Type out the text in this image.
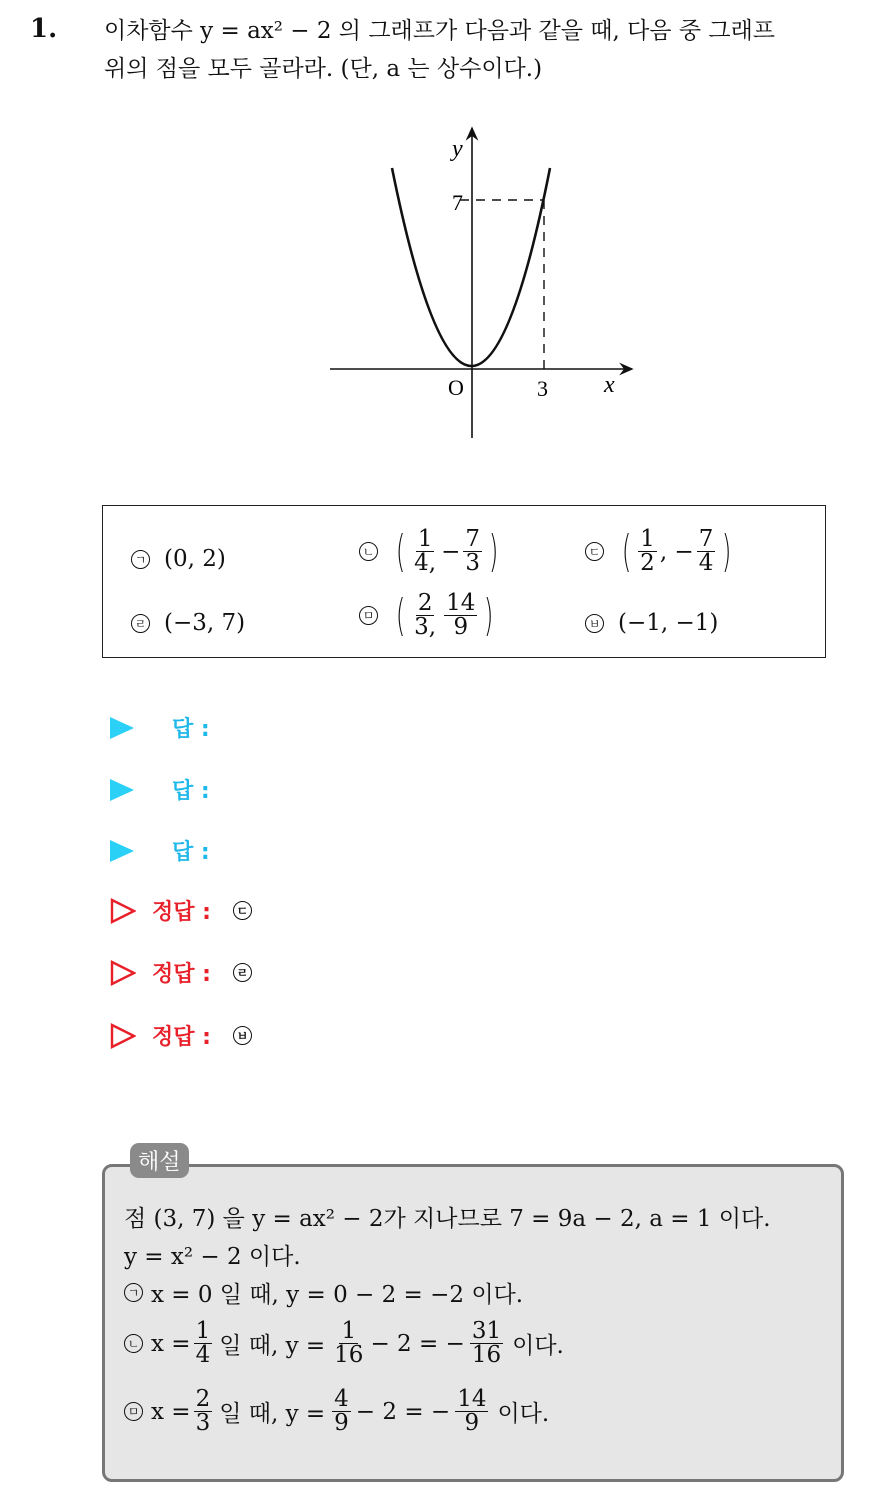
1. 이차함수 y = ax² − 2 의 그래프가 다음과 같을 때, 다음 중 그래프
위의 점을 모두 골라라. (단, a 는 상수이다.)
y
x
O	3
7
ㄱ (0, 2)	ㄴ ( $\frac{1}{4,} - \frac{7}{3}$ )	ㄷ ( $\frac{1}{2}$ , − $\frac{7}{4}$ )
ㄹ (−3, 7)	ㅁ ( $\frac{2}{3,} \frac{14}{9}$ )	ㅂ (−1, −1)
답 :
답 :
답 :
정답 :	ㄷ
정답 :	ㄹ
정답 :	ㅂ
해설
점 (3, 7) 을 y = ax² − 2가 지나므로 7 = 9a − 2, a = 1 이다.
y = x² − 2 이다.
ㄱ x = 0 일 때, y = 0 − 2 = −2 이다.
ㄴ $x = \frac{1}{4}$ 일 때, $y = \frac{1}{16} - 2$ = − $\frac{31}{16}$ 이다.
ㅁ $x = \frac{2}{3}$ 일 때, $y = \frac{4}{9} - 2$ = − $\frac{14}{9}$ 이다.
